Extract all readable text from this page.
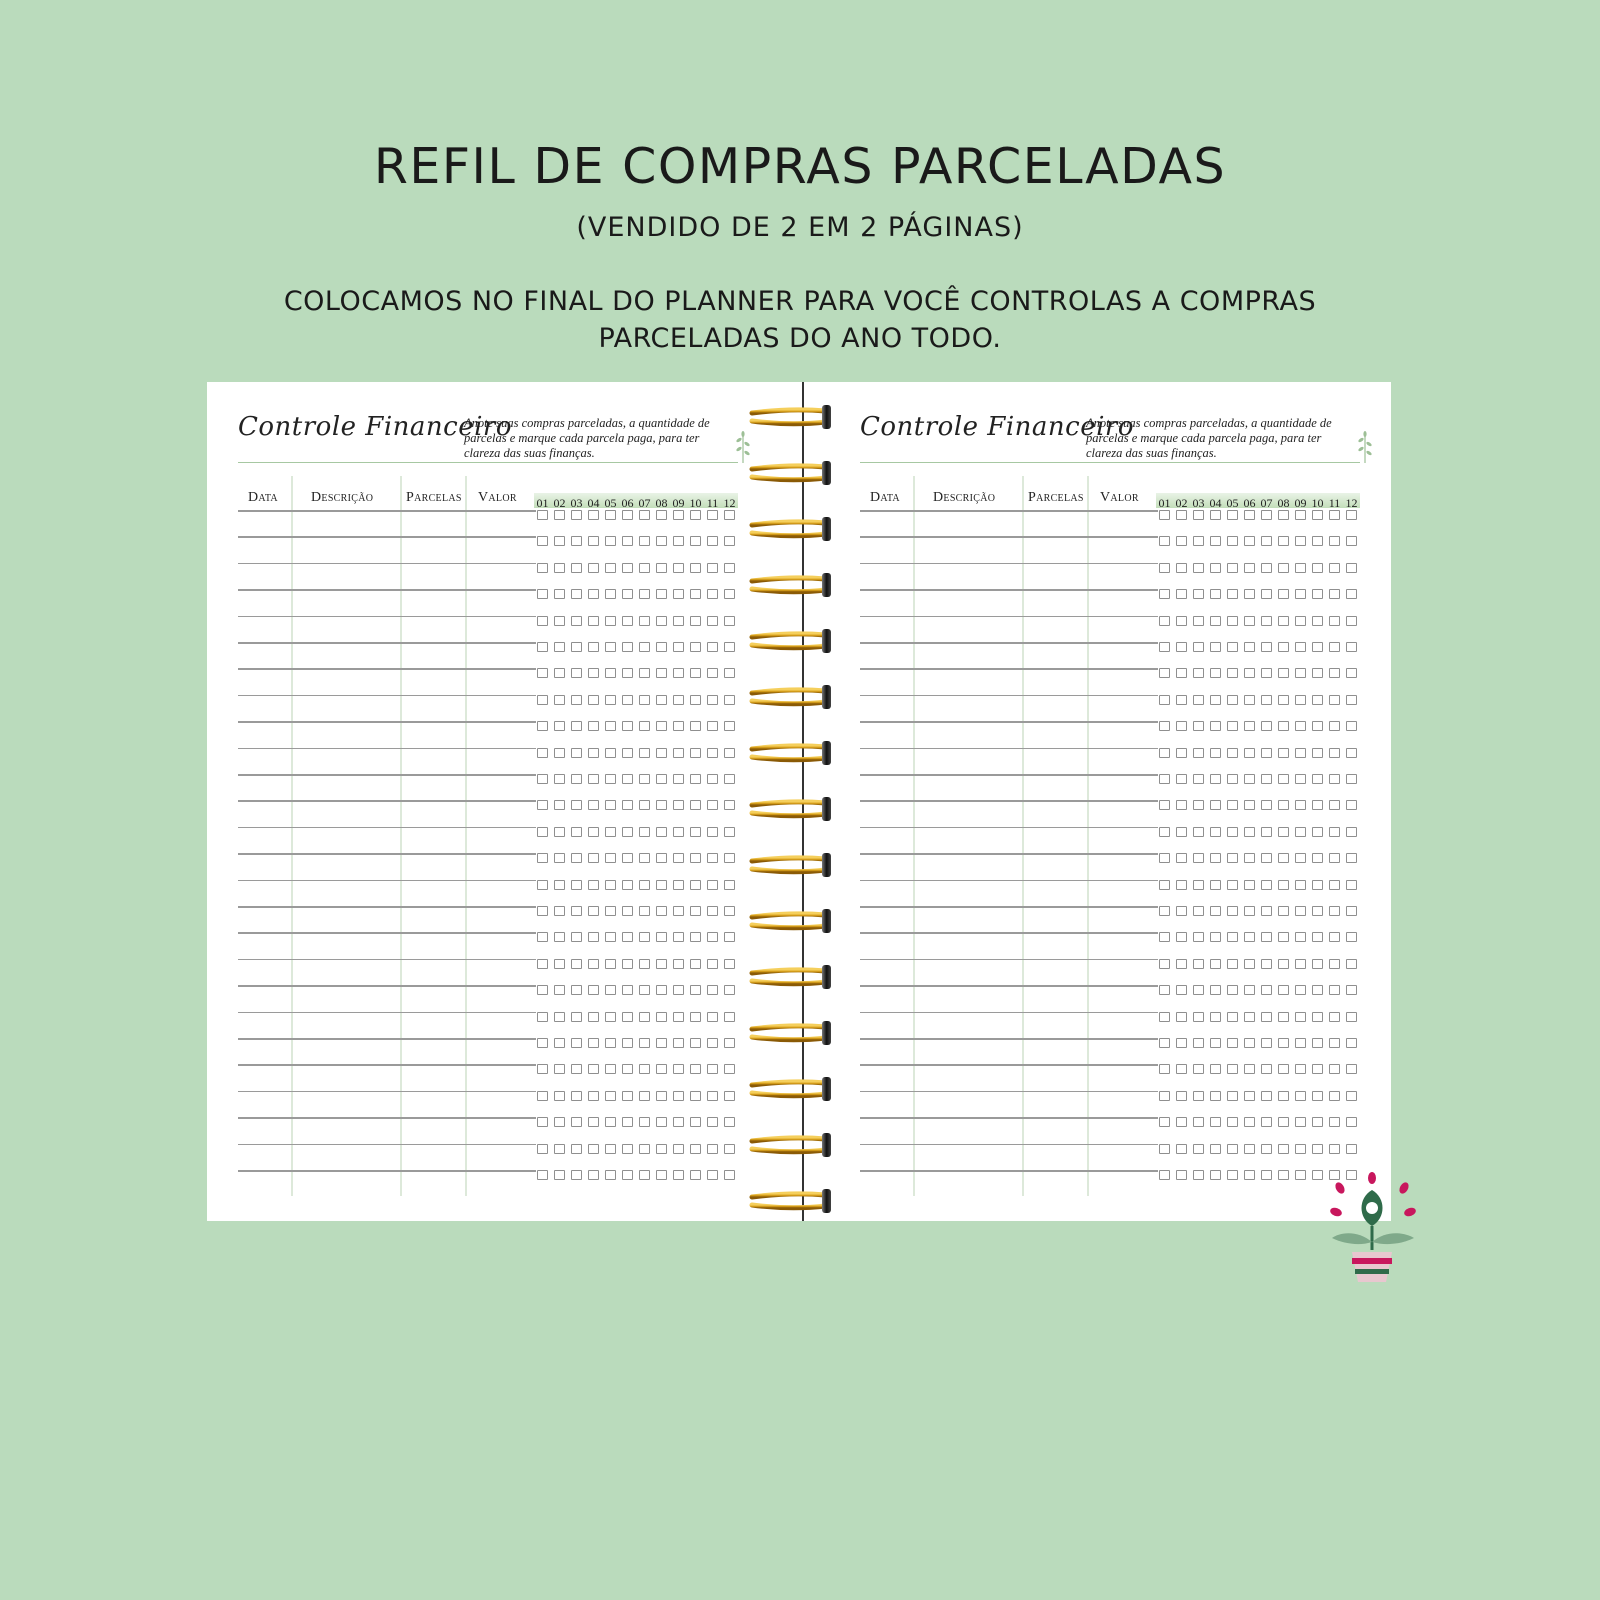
REFIL DE COMPRAS PARCELADAS
(VENDIDO DE 2 EM 2 PÁGINAS)
COLOCAMOS NO FINAL DO PLANNER PARA VOCÊ CONTROLAS A COMPRAS
PARCELADAS DO ANO TODO.
Controle Financeiro
Anote suas compras parceladas, a quantidade de parcelas e marque cada parcela paga, para ter clareza das suas finanças.
Data Descrição Parcelas Valor 01 02 03 04 05 06 07 08 09 10 11 12
Controle Financeiro
Anote suas compras parceladas, a quantidade de parcelas e marque cada parcela paga, para ter clareza das suas finanças.
Data Descrição Parcelas Valor 01 02 03 04 05 06 07 08 09 10 11 12
